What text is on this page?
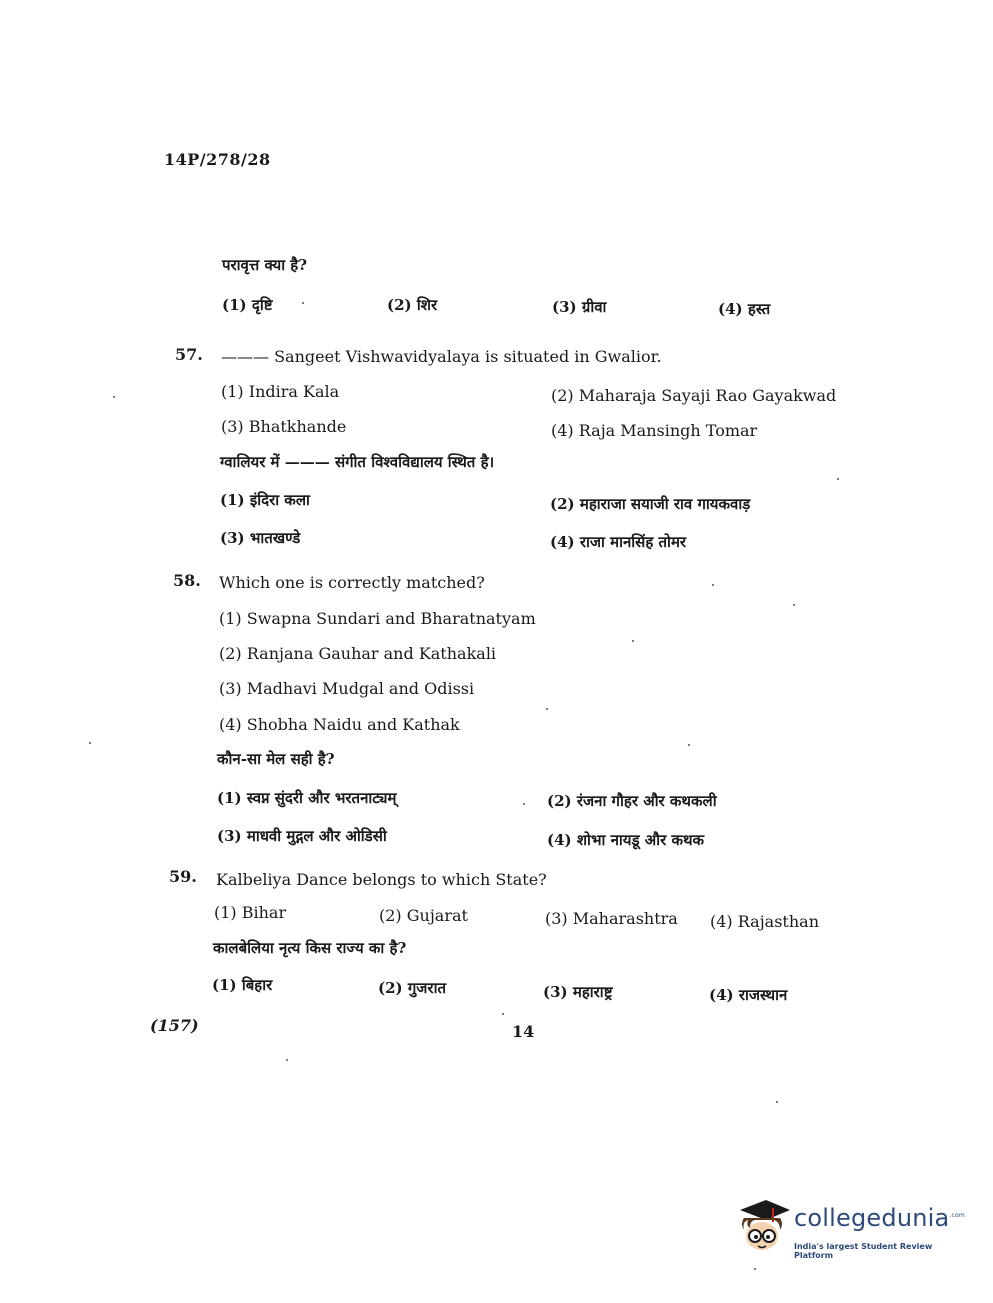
14P/278/28
परावृत्त क्या है?
(1) दृष्टि	(2) शिर	(3) ग्रीवा	(4) हस्त
57. ——— Sangeet Vishwavidyalaya is situated in Gwalior.
(1) Indira Kala	(2) Maharaja Sayaji Rao Gayakwad
(3) Bhatkhande	(4) Raja Mansingh Tomar
ग्वालियर में ——— संगीत विश्वविद्यालय स्थित है।
(1) इंदिरा कला	(2) महाराजा सयाजी राव गायकवाड़
(3) भातखण्डे	(4) राजा मानसिंह तोमर
58. Which one is correctly matched?
(1) Swapna Sundari and Bharatnatyam
(2) Ranjana Gauhar and Kathakali
(3) Madhavi Mudgal and Odissi
(4) Shobha Naidu and Kathak
कौन-सा मेल सही है?
(1) स्वप्न सुंदरी और भरतनाट्यम्	(2) रंजना गौहर और कथकली
(3) माधवी मुद्गल और ओडिसी	(4) शोभा नायडू और कथक
59. Kalbeliya Dance belongs to which State?
(1) Bihar	(2) Gujarat	(3) Maharashtra (4) Rajasthan
कालबेलिया नृत्य किस राज्य का है?
(1) बिहार	(2) गुजरात	(3) महाराष्ट्र	(4) राजस्थान
(157)	14
collegedunia$^{.com}$
India's largest Student Review Platform
